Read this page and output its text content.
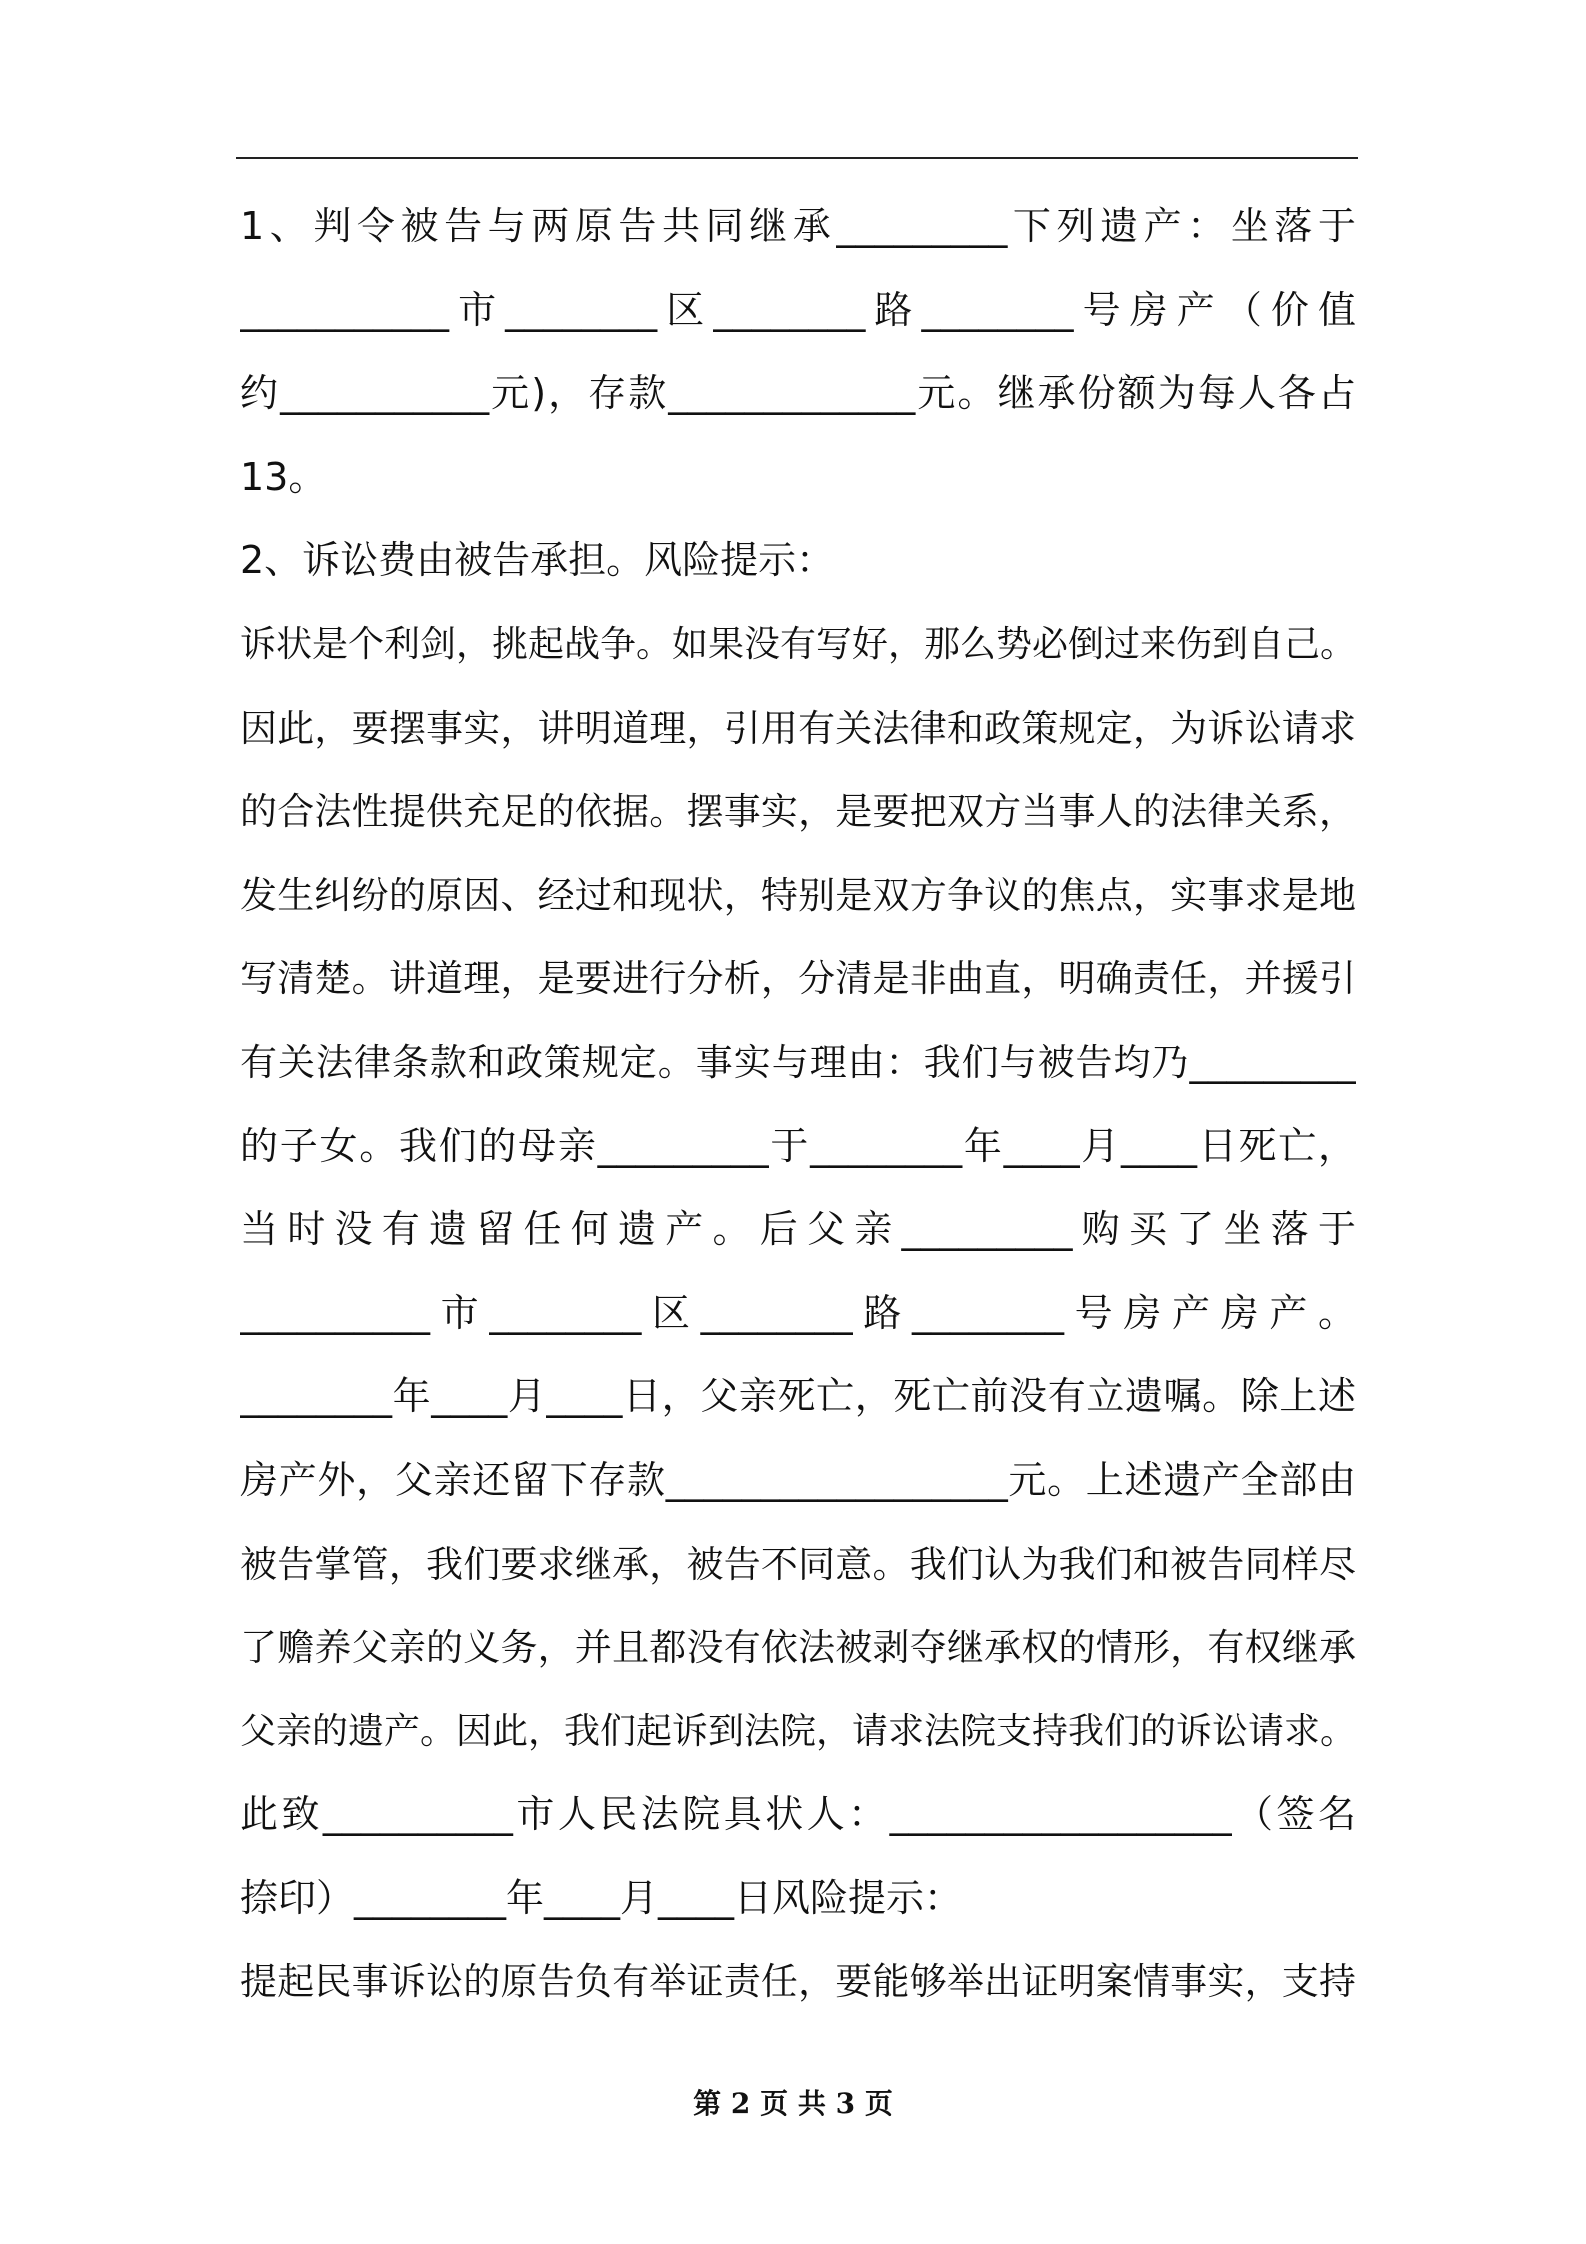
1、判令被告与两原告共同继承_________下列遗产：坐落于
___________市________区________路________号房产（价值
约___________元)，存款_____________元。继承份额为每人各占
13。
2、诉讼费由被告承担。风险提示：
诉状是个利剑，挑起战争。如果没有写好，那么势必倒过来伤到自己。
因此，要摆事实，讲明道理，引用有关法律和政策规定，为诉讼请求
的合法性提供充足的依据。摆事实，是要把双方当事人的法律关系，
发生纠纷的原因、经过和现状，特别是双方争议的焦点，实事求是地
写清楚。讲道理，是要进行分析，分清是非曲直，明确责任，并援引
有关法律条款和政策规定。事实与理由：我们与被告均乃_________
的子女。我们的母亲_________于________年____月____日死亡，
当时没有遗留任何遗产。后父亲_________购买了坐落于
__________市________区________路________号房产房产。
________年____月____日，父亲死亡，死亡前没有立遗嘱。除上述
房产外，父亲还留下存款__________________元。上述遗产全部由
被告掌管，我们要求继承，被告不同意。我们认为我们和被告同样尽
了赡养父亲的义务，并且都没有依法被剥夺继承权的情形，有权继承
父亲的遗产。因此，我们起诉到法院，请求法院支持我们的诉讼请求。
此致__________市人民法院具状人：__________________（签名
捺印）________年____月____日风险提示：
提起民事诉讼的原告负有举证责任，要能够举出证明案情事实，支持
第 2 页 共 3 页
